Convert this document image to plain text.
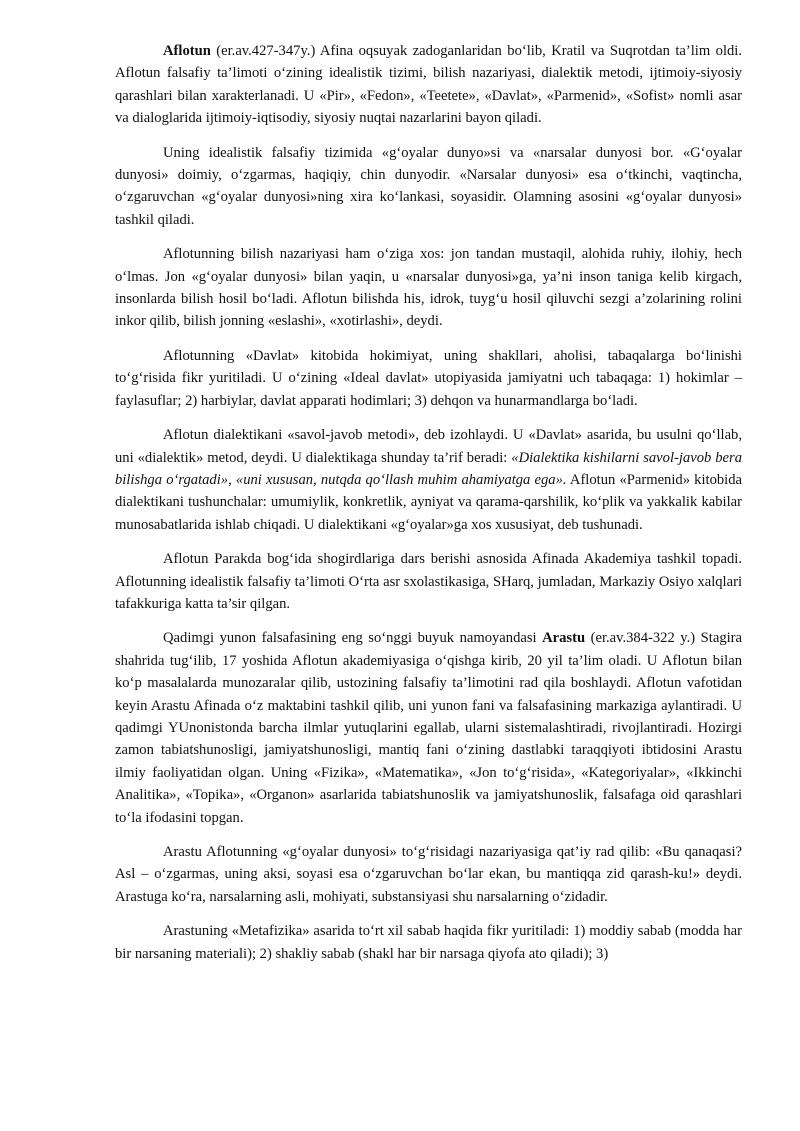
Aflotun (er.av.427-347y.) Afina oqsuyak zadoganlaridan bo‘lib, Kratil va Suqrotdan ta’lim oldi. Aflotun falsafiy ta’limoti o‘zining idealistik tizimi, bilish nazariyasi, dialektik metodi, ijtimoiy-siyosiy qarashlari bilan xarakterlanadi. U «Pir», «Fedon», «Teetete», «Davlat», «Parmenid», «Sofist» nomli asar va dialoglarida ijtimoiy-iqtisodiy, siyosiy nuqtai nazarlarini bayon qiladi.

Uning idealistik falsafiy tizimida «g‘oyalar dunyo»si va «narsalar dunyosi bor. «G‘oyalar dunyosi» doimiy, o‘zgarmas, haqiqiy, chin dunyodir. «Narsalar dunyosi» esa o‘tkinchi, vaqtincha, o‘zgaruvchan «g‘oyalar dunyosi»ning xira ko‘lankasi, soyasidir. Olamning asosini «g‘oyalar dunyosi» tashkil qiladi.

Aflotunning bilish nazariyasi ham o‘ziga xos: jon tandan mustaqil, alohida ruhiy, ilohiy, hech o‘lmas. Jon «g‘oyalar dunyosi» bilan yaqin, u «narsalar dunyosi»ga, ya’ni inson taniga kelib kirgach, insonlarda bilish hosil bo‘ladi. Aflotun bilishda his, idrok, tuyg‘u hosil qiluvchi sezgi a’zolarining rolini inkor qilib, bilish jonning «eslashi», «xotirlashi», deydi.

Aflotunning «Davlat» kitobida hokimiyat, uning shakllari, aholisi, tabaqalarga bo‘linishi to‘g‘risida fikr yuritiladi. U o‘zining «Ideal davlat» utopiyasida jamiyatni uch tabaqaga: 1) hokimlar – faylasuflar; 2) harbiylar, davlat apparati hodimlari; 3) dehqon va hunarmandlarga bo‘ladi.

Aflotun dialektikani «savol-javob metodi», deb izohlaydi. U «Davlat» asarida, bu usulni qo‘llab, uni «dialektik» metod, deydi. U dialektikaga shunday ta’rif beradi: «Dialektika kishilarni savol-javob bera bilishga o‘rgatadi», «uni xususan, nutqda qo‘llash muhim ahamiyatga ega». Aflotun «Parmenid» kitobida dialektikani tushunchalar: umumiylik, konkretlik, ayniyat va qarama-qarshilik, ko‘plik va yakkalik kabilar munosabatlarida ishlab chiqadi. U dialektikani «g‘oyalar»ga xos xususiyat, deb tushunadi.

Aflotun Parakda bog‘ida shogirdlariga dars berishi asnosida Afinada Akademiya tashkil topadi. Aflotunning idealistik falsafiy ta’limoti O‘rta asr sxolastikasiga, SHarq, jumladan, Markaziy Osiyo xalqlari tafakkuriga katta ta’sir qilgan.

Qadimgi yunon falsafasining eng so‘nggi buyuk namoyandasi Arastu (er.av.384-322 y.) Stagira shahrida tug‘ilib, 17 yoshida Aflotun akademiyasiga o‘qishga kirib, 20 yil ta’lim oladi. U Aflotun bilan ko‘p masalalarda munozaralar qilib, ustozining falsafiy ta’limotini rad qila boshlaydi. Aflotun vafotidan keyin Arastu Afinada o‘z maktabini tashkil qilib, uni yunon fani va falsafasining markaziga aylantiradi. U qadimgi YUnonistonda barcha ilmlar yutuqlarini egallab, ularni sistemalashtiradi, rivojlantiradi. Hozirgi zamon tabiatshunosligi, jamiyatshunosligi, mantiq fani o‘zining dastlabki taraqqiyoti ibtidosini Arastu ilmiy faoliyatidan olgan. Uning «Fizika», «Matematika», «Jon to‘g‘risida», «Kategoriyalar», «Ikkinchi Analitika», «Topika», «Organon» asarlarida tabiatshunoslik va jamiyatshunoslik, falsafaga oid qarashlari to‘la ifodasini topgan.

Arastu Aflotunning «g‘oyalar dunyosi» to‘g‘risidagi nazariyasiga qat’iy rad qilib: «Bu qanaqasi? Asl – o‘zgarmas, uning aksi, soyasi esa o‘zgaruvchan bo‘lar ekan, bu mantiqqa zid qarash-ku!» deydi. Arastuga ko‘ra, narsalarning asli, mohiyati, substansiyasi shu narsalarning o‘zidadir.

Arastuning «Metafizika» asarida to‘rt xil sabab haqida fikr yuritiladi: 1) moddiy sabab (modda har bir narsaning materiali); 2) shakliy sabab (shakl har bir narsaga qiyofa ato qiladi); 3)
